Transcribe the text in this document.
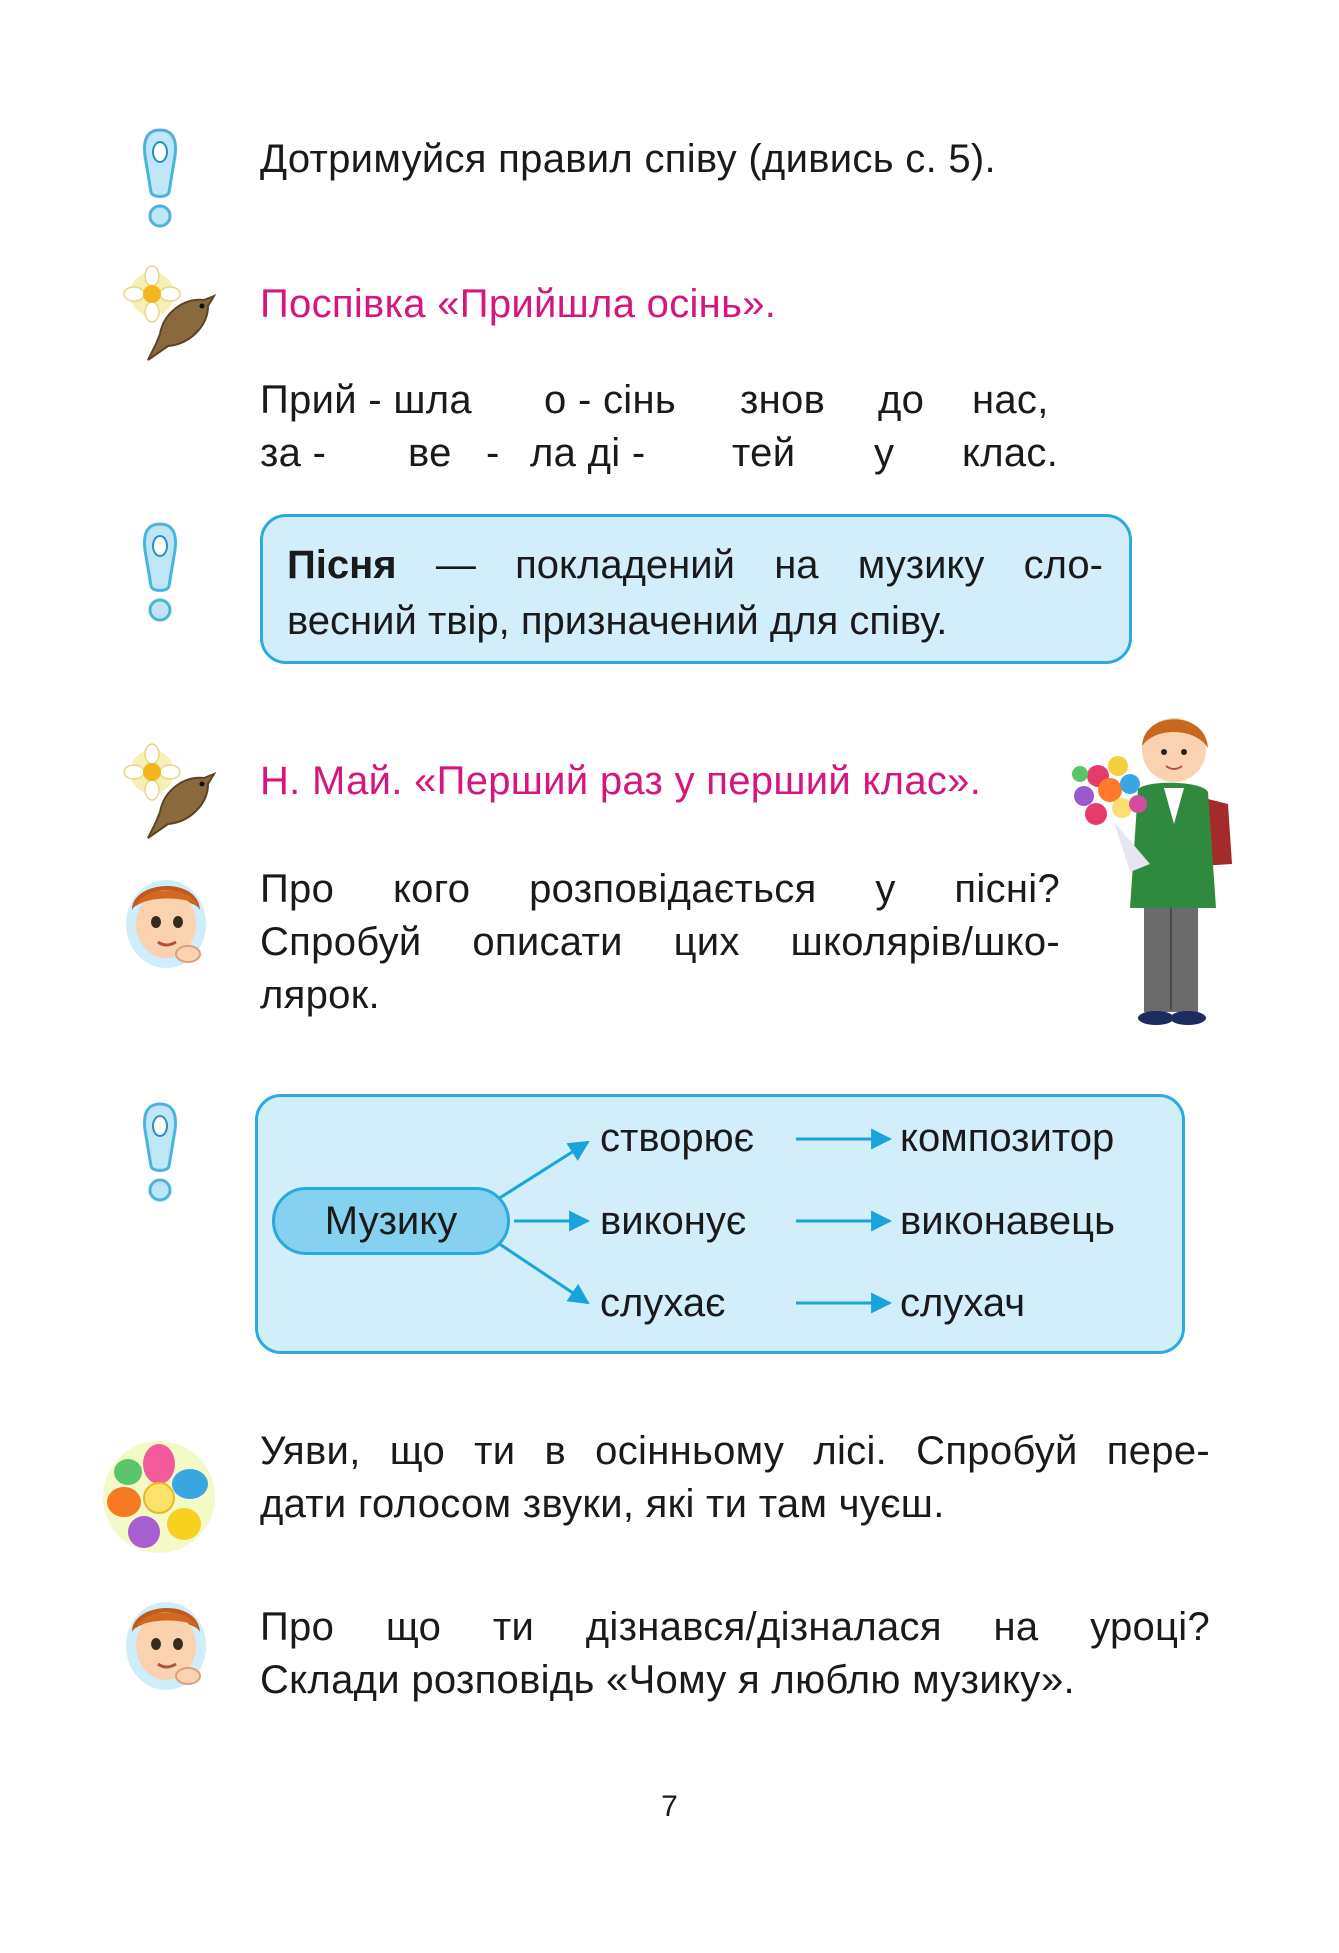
Дотримуйся правил співу (дивись с. 5).
Поспівка «Прийшла осінь».
Прий - шла о - сінь знов до нас,
за - ве - ла ді - тей у клас.
Пісня — покладений на музику сло-
весний твір, призначений для співу.
Н. Май. «Перший раз у перший клас».
Про кого розповідається у пісні?
Спробуй описати цих школярів/шко-
лярок.
Музику
створює
виконує
слухає
композитор
виконавець
слухач
Уяви, що ти в осінньому лісі. Спробуй пере-
дати голосом звуки, які ти там чуєш.
Про що ти дізнався/дізналася на уроці?
Склади розповідь «Чому я люблю музику».
7
